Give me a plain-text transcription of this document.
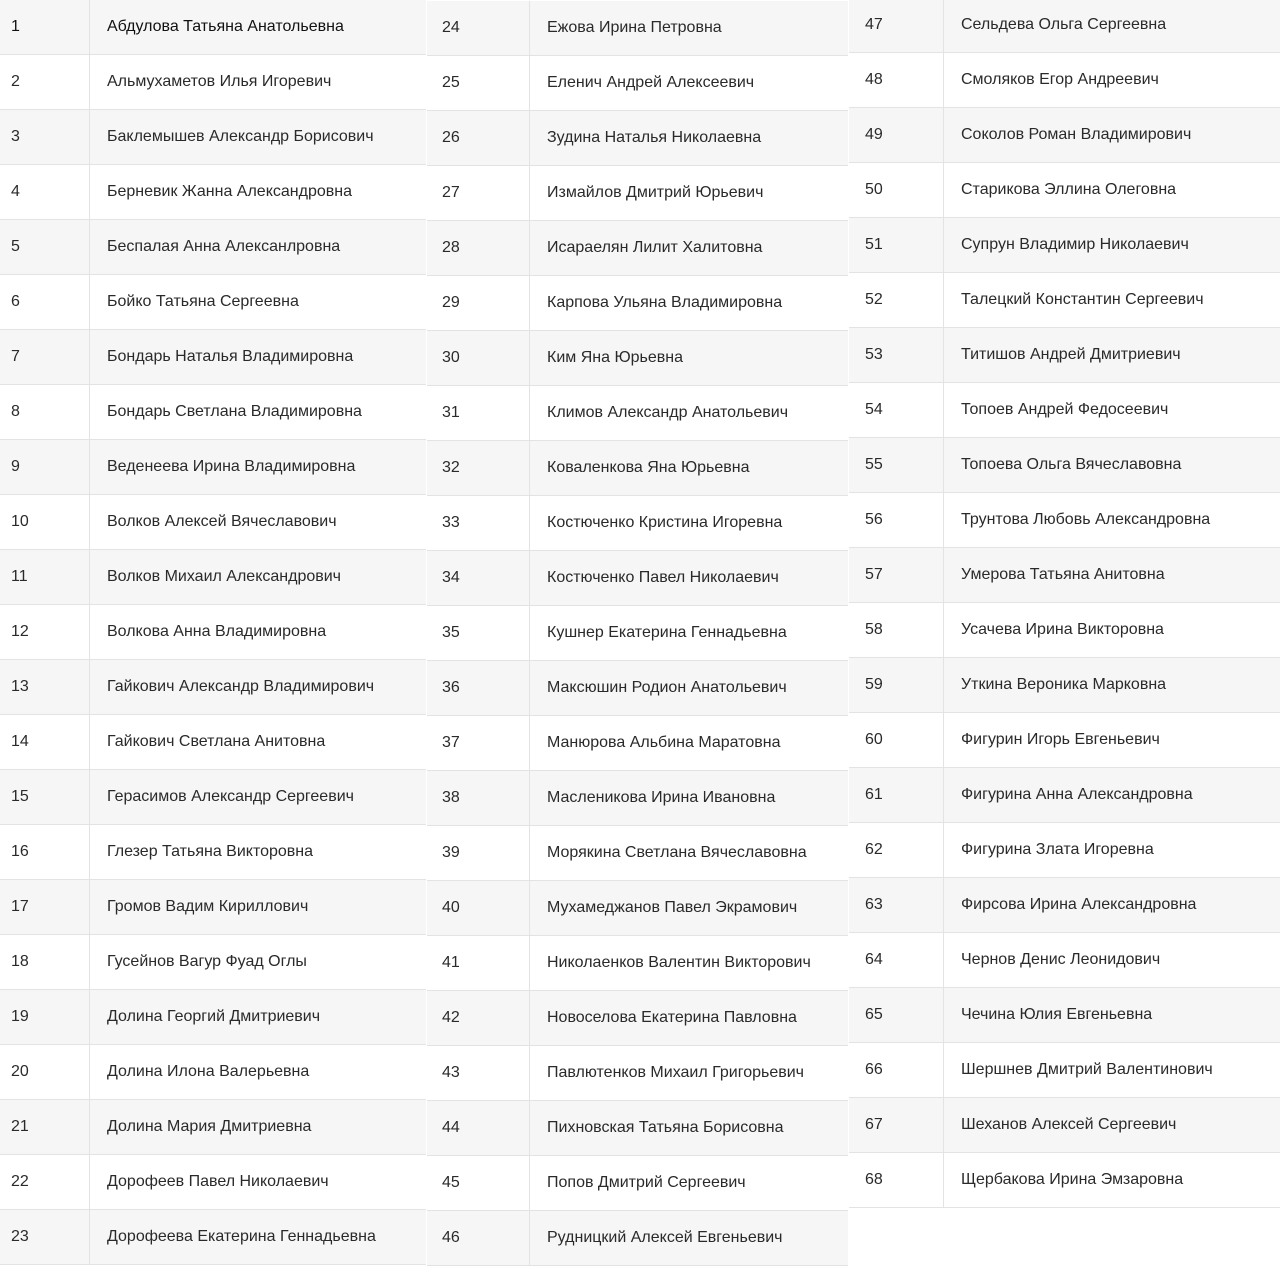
1	Абдулова Татьяна Анатольевна
2	Альмухаметов Илья Игоревич
3	Баклемышев Александр Борисович
4	Берневик Жанна Александровна
5	Беспалая Анна Алексанлровна
6	Бойко Татьяна Сергеевна
7	Бондарь Наталья Владимировна
8	Бондарь Светлана Владимировна
9	Веденеева Ирина Владимировна
10	Волков Алексей Вячеславович
11	Волков Михаил Александрович
12	Волкова Анна Владимировна
13	Гайкович Александр Владимирович
14	Гайкович Светлана Анитовна
15	Герасимов Александр Сергеевич
16	Глезер Татьяна Викторовна
17	Громов Вадим Кириллович
18	Гусейнов Вагур Фуад Оглы
19	Долина Георгий Дмитриевич
20	Долина Илона Валерьевна
21	Долина Мария Дмитриевна
22	Дорофеев Павел Николаевич
23	Дорофеева Екатерина Геннадьевна
24	Ежова Ирина Петровна
25	Еленич Андрей Алексеевич
26	Зудина Наталья Николаевна
27	Измайлов Дмитрий Юрьевич
28	Исараелян Лилит Халитовна
29	Карпова Ульяна Владимировна
30	Ким Яна Юрьевна
31	Климов Александр Анатольевич
32	Коваленкова Яна Юрьевна
33	Костюченко Кристина Игоревна
34	Костюченко Павел Николаевич
35	Кушнер Екатерина Геннадьевна
36	Максюшин Родион Анатольевич
37	Манюрова Альбина Маратовна
38	Масленикова Ирина Ивановна
39	Морякина Светлана Вячеславовна
40	Мухамеджанов Павел Экрамович
41	Николаенков Валентин Викторович
42	Новоселова Екатерина Павловна
43	Павлютенков Михаил Григорьевич
44	Пихновская Татьяна Борисовна
45	Попов Дмитрий Сергеевич
46	Рудницкий Алексей Евгеньевич
47	Сельдева Ольга Сергеевна
48	Смоляков Егор Андреевич
49	Соколов Роман Владимирович
50	Старикова Эллина Олеговна
51	Супрун Владимир Николаевич
52	Талецкий Константин Сергеевич
53	Титишов Андрей Дмитриевич
54	Топоев Андрей Федосеевич
55	Топоева Ольга Вячеславовна
56	Трунтова Любовь Александровна
57	Умерова Татьяна Анитовна
58	Усачева Ирина Викторовна
59	Уткина Вероника Марковна
60	Фигурин Игорь Евгеньевич
61	Фигурина Анна Александровна
62	Фигурина Злата Игоревна
63	Фирсова Ирина Александровна
64	Чернов Денис Леонидович
65	Чечина Юлия Евгеньевна
66	Шершнев Дмитрий Валентинович
67	Шеханов Алексей Сергеевич
68	Щербакова Ирина Эмзаровна
